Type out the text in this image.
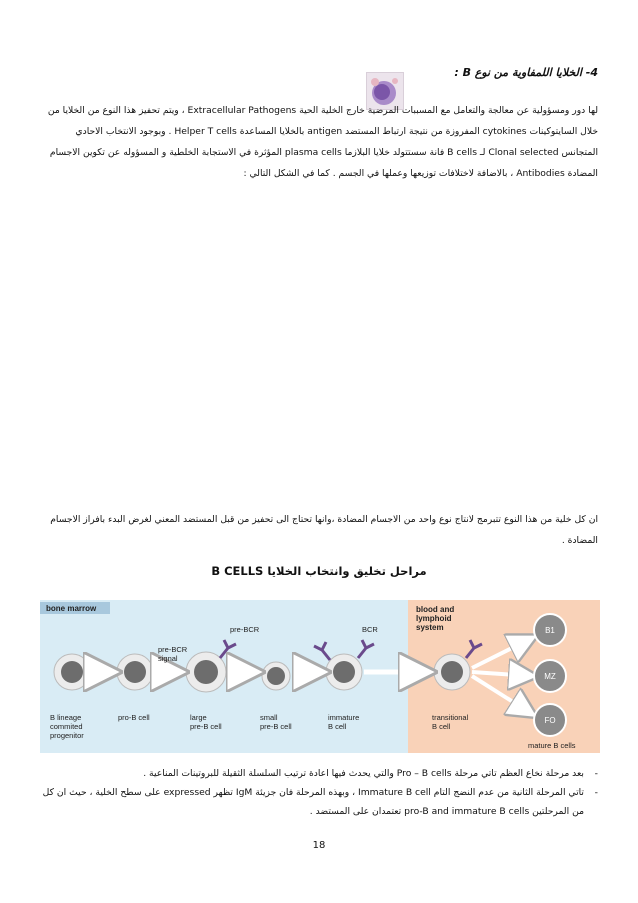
4- الخلايا اللمفاوية من نوع B :
لها دور ومسؤولية عن معالجة والتعامل مع المسببات المرضية خارج الخلية الحية Extracellular Pathogens ، ويتم تحفيز هذا النوع من الخلايا من خلال السايتوكينات cytokines المفروزة من نتيجة ارتباط المستضد antigen بالخلايا المساعدة Helper T cells . وبوجود الانتخاب الاحادي المتجانس Clonal selected لـ B cells فانة سستتولد خلايا البلازما plasma cells المؤثرة في الاستجابة الخلطية و المسؤوله عن تكوين الاجسام المضادة Antibodies ، بالاضافة لاختلافات توزيعها وعملها في الجسم . كما في الشكل التالي :
ان كل خلية من هذا النوع تتبرمج لانتاج نوع واحد من الاجسام المضادة ،وانها تحتاج الى تحفيز من قبل المستضد المعني لغرض البدء بافراز الاجسام المضادة .
مراحل تخليق وانتخاب الخلايا B CELLS
bone marrow	blood and lymphoid system
pre-BCR signal
pre-BCR	BCR	B1
MZ
FO
B lineage commited progenitor
pro-B cell	large pre-B cell
small pre-B cell
immature B cell
transitional B cell
mature B cells
- بعد مرحلة نخاع العظم تاتي مرحلة Pro – B cells والتي يحدث فيها اعادة ترتيب السلسلة الثقيلة للبروتينات المناعية .
- تاتي المرحلة الثانية من عدم النضج التام Immature B cell ، وبهذه المرحلة فان جزيئة IgM تظهر expressed على سطح الخلية ، حيث ان كل من المرحلتين pro-B and immature B cells تعتمدان على المستضد .
18
